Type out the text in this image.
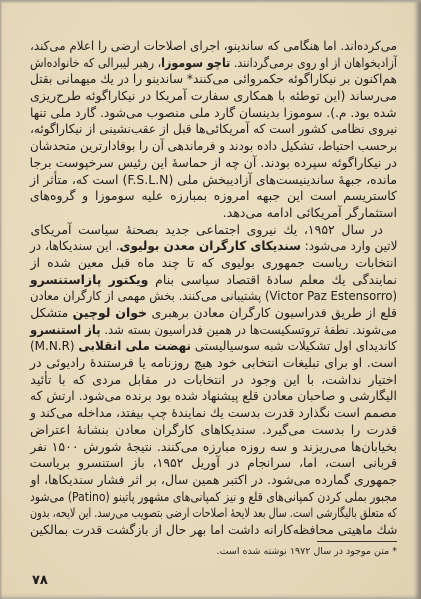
می‌کرده‌اند. اما هنگامی که ساندینو، اجرای اصلاحات ارضی را اعلام می‌کند،
آزادیخواهان از او روی برمی‌گردانند. تاچو سوموزا، رهبر لیبرالی که خانواده‌اش
هم‌اکنون بر نیکاراگوئه حکمروائی می‌کنند* ساندینو را در یك میهمانی بقتل
می‌رساند (این توطئه با همکاری سفارت آمریکا در نیکاراگوئه طرح‌ریزی
شده بود. م.). سوموزا بدینسان گارد ملی منصوب می‌شود. گارد ملی تنها
نیروی نظامی کشور است که آمریکائی‌ها قبل از عقب‌نشینی از نیکاراگوئه،
برحسب احتیاط، تشکیل داده بودند و فرماندهی آن را بوفادارترین متحدشان
در نیکاراگوئه سپرده بودند. آن چه از حماسهٔ این رئیس سرخپوست برجا
مانده، جبههٔ ساندینیست‌های آزادیبخش ملی (F.S.L.N) است که، متأثر از
کاستریسم است این جبهه امروزه بمبارزه علیه سوموزا و گروه‌های
استثمارگر آمریکائی ادامه می‌دهد.
در سال ۱۹۵۲، یك نیروی اجتماعی جدید بصحنهٔ سیاست آمریکای
لاتین وارد می‌شود: سندیکای کارگران معدن بولیوی. این سندیکاها، در
انتخابات ریاست جمهوری بولیوی که تا چند ماه قبل معین شده از
نمایندگی یك معلم سادهٔ اقتصاد سیاسی بنام ویکتور پازاستنسرو
(Victor Paz Estensorro) پشتیبانی می‌کنند. بخش مهمی از کارگران معادن
قلع از طریق فدراسیون کارگران معادن برهبری خوان لوچین متشکل
می‌شوند. نطفهٔ تروتسکیست‌ها در همین فدراسیون بسته شد. پاز استنسرو
کاندیدای اول تشکیلات شبه سوسیالیستی نهضت ملی انقلابی (M.N.R)
است. او برای تبلیغات انتخابی خود هیچ روزنامه یا فرستندهٔ رادیوئی در
اختیار نداشت، با این وجود در انتخابات در مقابل مردی که با تأئید
الیگارشی و صاحبان معادن قلع پیشنهاد شده بود برنده می‌شود. ارتش که
مصمم است نگذارد قدرت بدست یك نمایندهٔ چپ بیفتد، مداخله می‌کند و
قدرت را بدست می‌گیرد. سندیکاهای کارگران معادن بنشانهٔ اعتراض
بخیابان‌ها می‌ریزند و سه روزه مبارزه می‌کنند. نتیجهٔ شورش ۱۵۰۰ نفر
قربانی است، اما، سرانجام در آوریل ۱۹۵۲، باز استنسرو بریاست
جمهوری گمارده می‌شود. در اکتبر همین سال، بر اثر فشار سندیکاها، او
مجبور بملی کردن کمپانی‌های قلع و نیز کمپانی‌های مشهور پاتینو (Patino) می‌شود
که متعلق بالیگارشی است. سال بعد لایحهٔ اصلاحات ارضی بتصویب می‌رسد. این لایحه، بدون
شك ماهیتی محافظه‌کارانه داشت اما بهر حال از بازگشت قدرت بمالکین
* متن موجود در سال ۱۹۷۲ نوشته شده است.
۷۸
